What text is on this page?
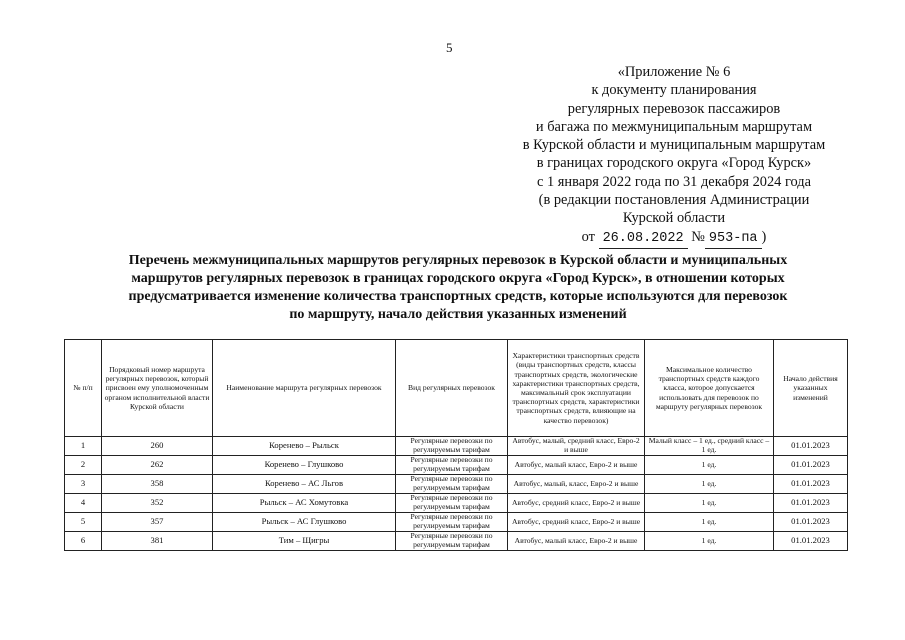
5
«Приложение № 6
к документу планирования
регулярных перевозок пассажиров
и багажа по межмуниципальным маршрутам
в Курской области и муниципальным маршрутам
в границах городского округа «Город Курск»
с 1 января 2022 года по 31 декабря 2024 года
(в редакции постановления Администрации
Курской области
от 26.08.2022 № 953-па )
Перечень межмуниципальных маршрутов регулярных перевозок в Курской области и муниципальных
маршрутов регулярных перевозок в границах городского округа «Город Курск», в отношении которых
предусматривается изменение количества транспортных средств, которые используются для перевозок
по маршруту, начало действия указанных изменений
№ п/п	Порядковый номер маршрута регулярных перевозок, который присвоен ему уполномоченным органом исполнительной власти Курской области	Наименование маршрута регулярных перевозок	Вид регулярных перевозок	Характеристики транспортных средств (виды транспортных средств, классы транспортных средств, экологические характеристики транспортных средств, максимальный срок эксплуатации транспортных средств, характеристики транспортных средств, влияющие на качество перевозок)	Максимальное количество транспортных средств каждого класса, которое допускается использовать для перевозок по маршруту регулярных перевозок	Начало действия указанных изменений
1	260	Коренево – Рыльск	Регулярные перевозки по регулируемым тарифам	Автобус, малый, средний класс, Евро-2 и выше	Малый класс – 1 ед., средний класс – 1 ед.	01.01.2023
2	262	Коренево – Глушково	Регулярные перевозки по регулируемым тарифам	Автобус, малый класс, Евро-2 и выше	1 ед.	01.01.2023
3	358	Коренево – АС Льгов	Регулярные перевозки по регулируемым тарифам	Автобус, малый, класс, Евро-2 и выше	1 ед.	01.01.2023
4	352	Рыльск – АС Хомутовка	Регулярные перевозки по регулируемым тарифам	Автобус, средний класс, Евро-2 и выше	1 ед.	01.01.2023
5	357	Рыльск – АС Глушково	Регулярные перевозки по регулируемым тарифам	Автобус, средний класс, Евро-2 и выше	1 ед.	01.01.2023
6	381	Тим – Щигры	Регулярные перевозки по регулируемым тарифам	Автобус, малый класс, Евро-2 и выше	1 ед.	01.01.2023
